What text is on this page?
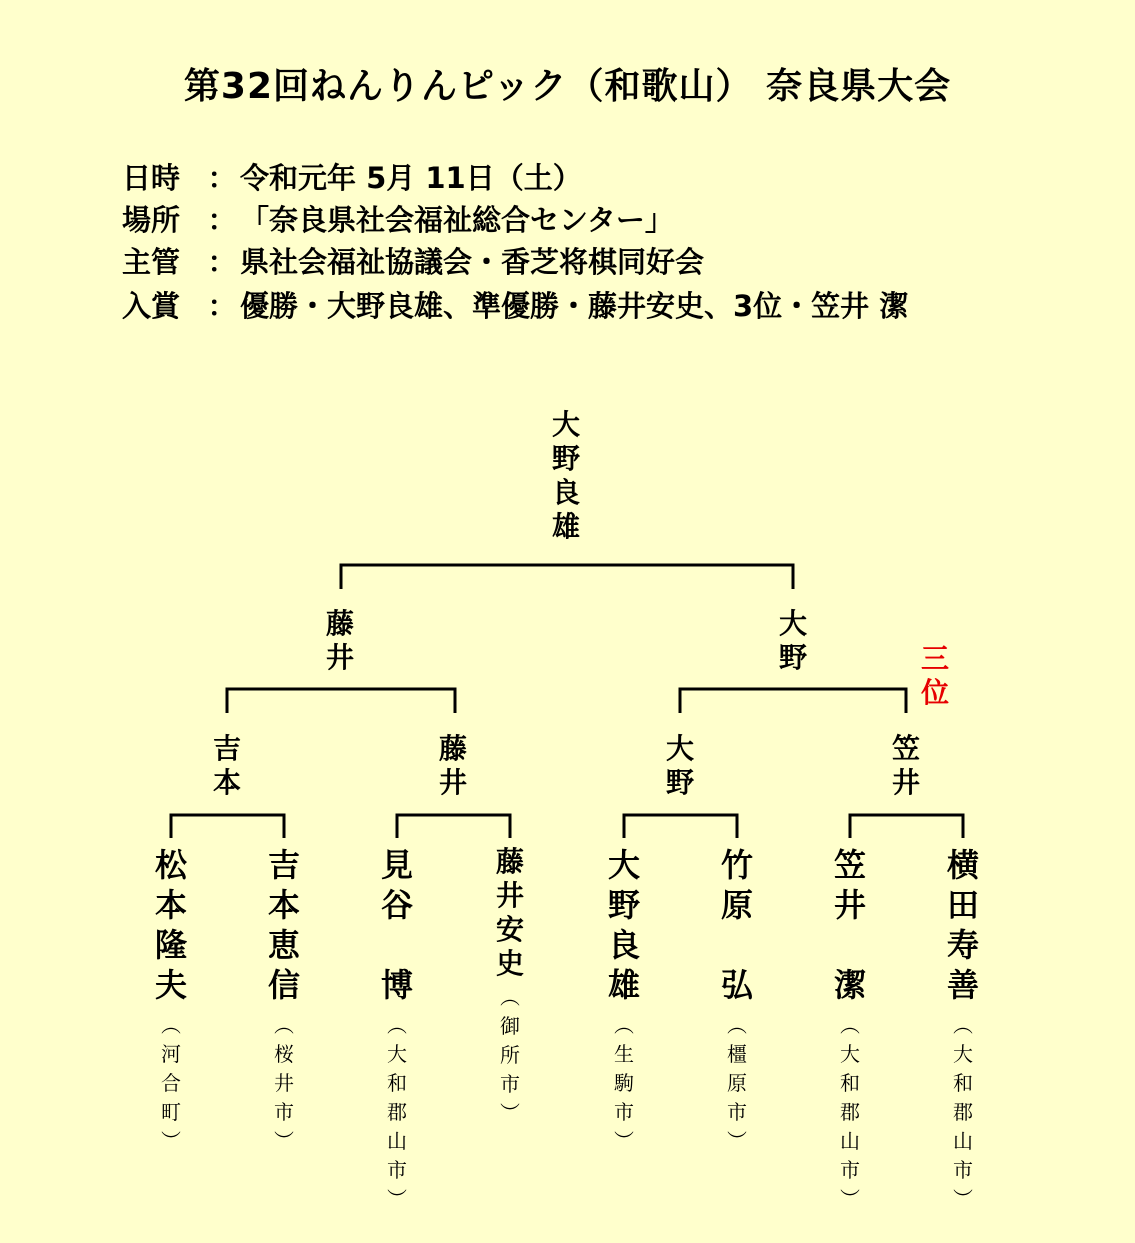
第32回ねんりんピック（和歌山） 奈良県大会
日時 ： 令和元年 5月 11日（土）
場所 ： 「奈良県社会福祉総合センター」
主管 ： 県社会福祉協議会・香芝将棋同好会
入賞 ： 優勝・大野良雄、準優勝・藤井安史、3位・笠井 潔
大
野
良
雄
藤
井
大
野	三
位
吉
本
藤
井
大
野
笠
井
松
本
隆
夫
吉
本
恵
信
見
谷

博
藤
井
安
史
大
野
良
雄
竹
原

弘
笠
井

潔
横
田
寿
善
︵
河
合
町
︶
︵
桜
井
市
︶
︵
大
和
郡
山
市
︶
︵
御
所
市
︶
︵
生
駒
市
︶
︵
橿
原
市
︶
︵
大
和
郡
山
市
︶
︵
大
和
郡
山
市
︶
